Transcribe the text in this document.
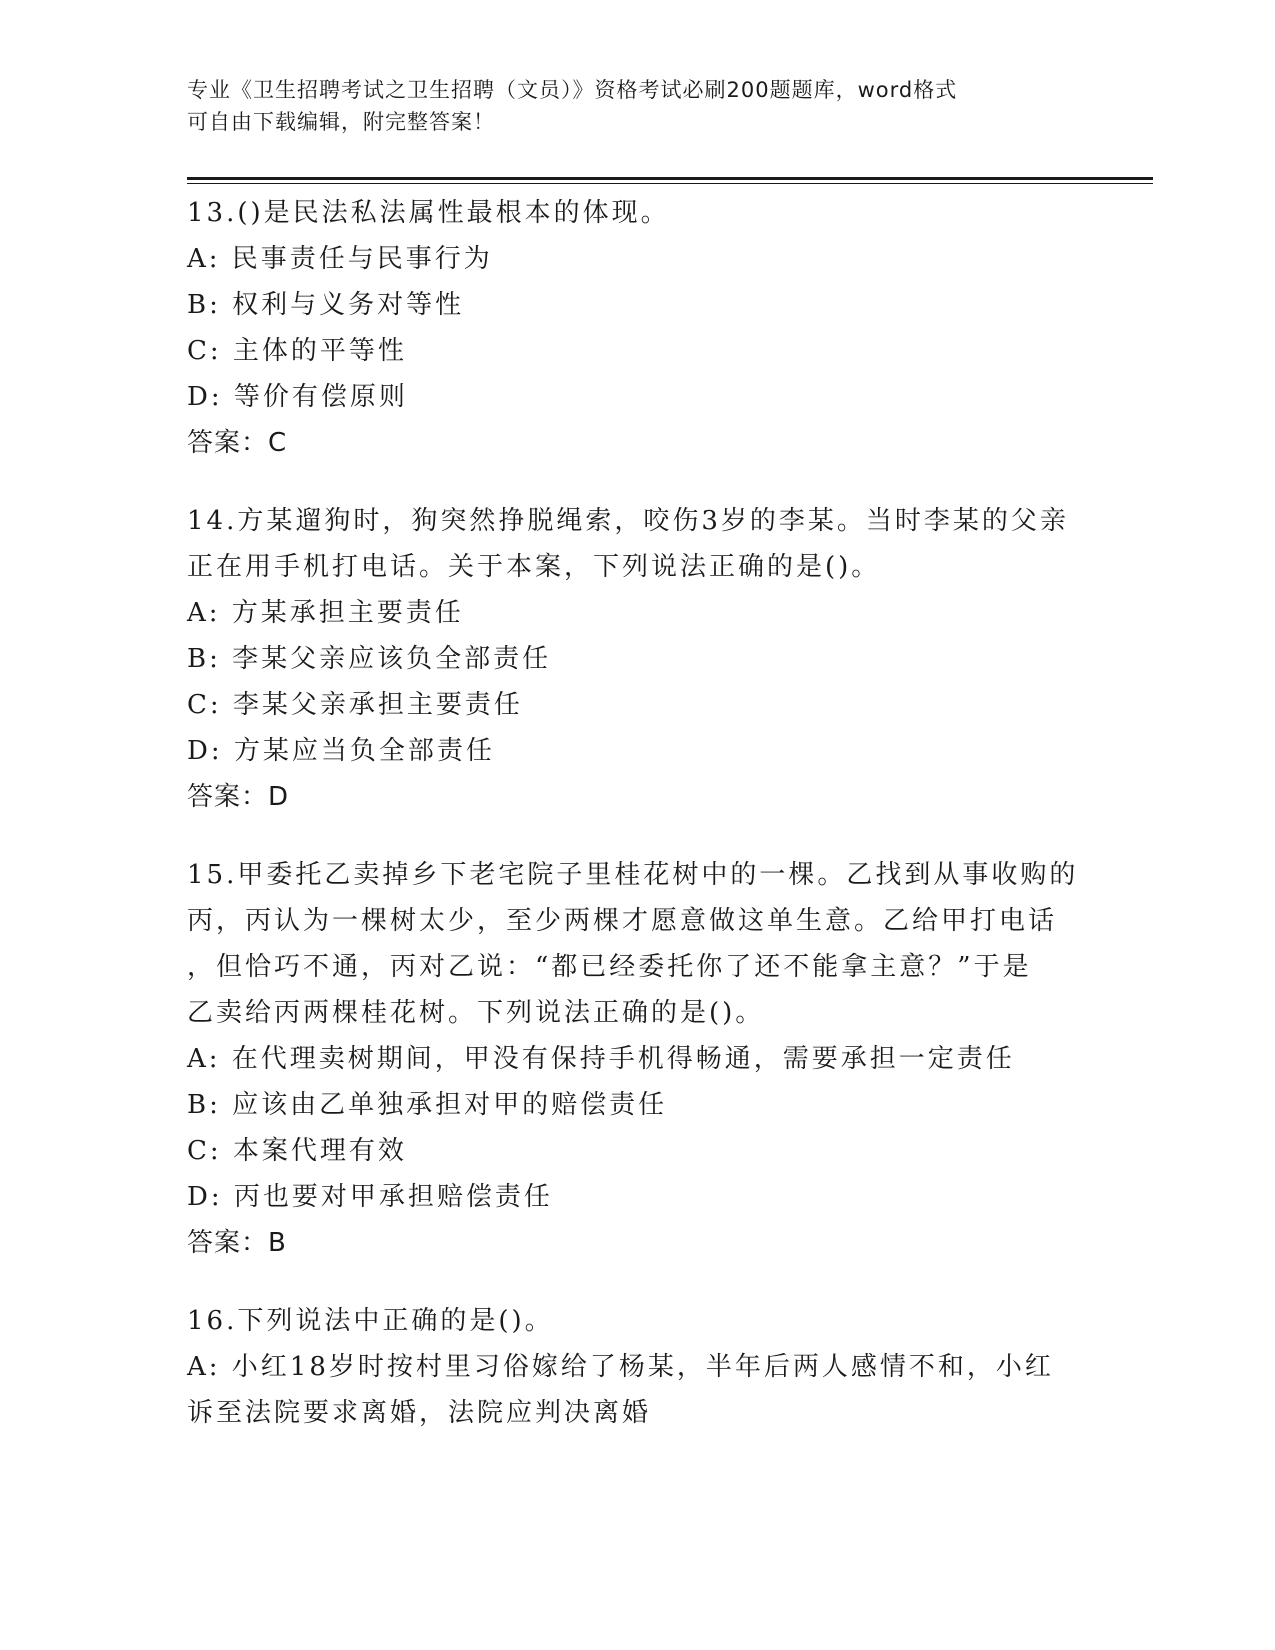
专业《卫生招聘考试之卫生招聘（文员）》资格考试必刷200题题库，word格式
可自由下载编辑，附完整答案！
13.()是民法私法属性最根本的体现。
A: 民事责任与民事行为
B: 权利与义务对等性
C: 主体的平等性
D: 等价有偿原则
答案：C
14.方某遛狗时，狗突然挣脱绳索，咬伤3岁的李某。当时李某的父亲
正在用手机打电话。关于本案，下列说法正确的是()。
A: 方某承担主要责任
B: 李某父亲应该负全部责任
C: 李某父亲承担主要责任
D: 方某应当负全部责任
答案：D
15.甲委托乙卖掉乡下老宅院子里桂花树中的一棵。乙找到从事收购的
丙，丙认为一棵树太少，至少两棵才愿意做这单生意。乙给甲打电话
，但恰巧不通，丙对乙说：“都已经委托你了还不能拿主意？”于是
乙卖给丙两棵桂花树。下列说法正确的是()。
A: 在代理卖树期间，甲没有保持手机得畅通，需要承担一定责任
B: 应该由乙单独承担对甲的赔偿责任
C: 本案代理有效
D: 丙也要对甲承担赔偿责任
答案：B
16.下列说法中正确的是()。
A: 小红18岁时按村里习俗嫁给了杨某，半年后两人感情不和，小红
诉至法院要求离婚，法院应判决离婚
